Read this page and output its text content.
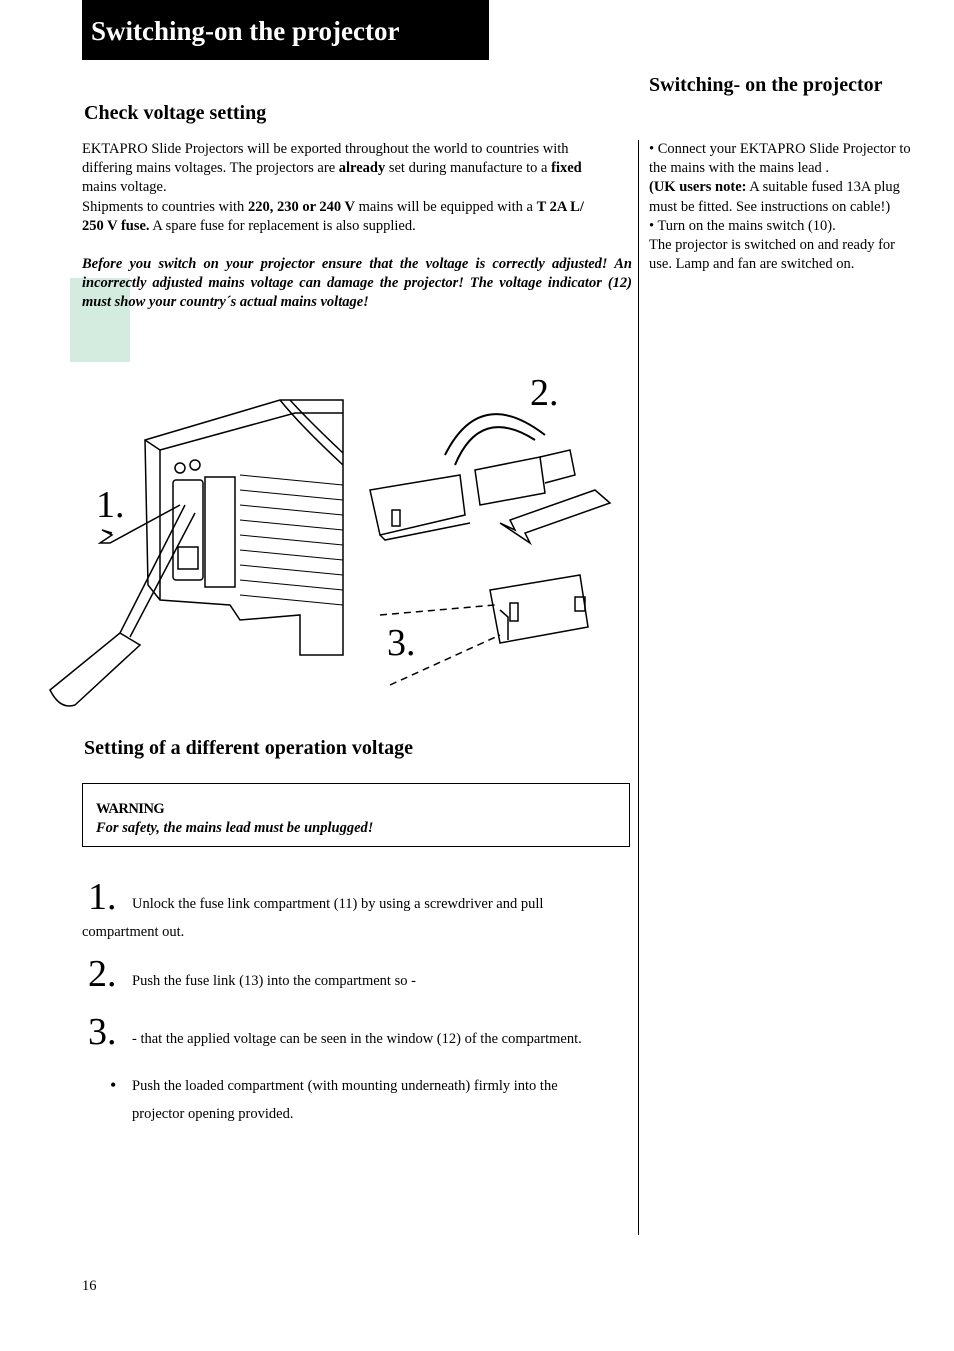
Switching-on the projector
Check voltage setting
EKTAPRO Slide Projectors will be exported throughout the world to countries with
differing mains voltages. The projectors are already set during manufacture to a fixed
mains voltage.
Shipments to countries with 220, 230 or 240 V mains will be equipped with a T 2A L/
250 V fuse. A spare fuse for replacement is also supplied.
Before you switch on your projector ensure that the voltage is correctly adjusted! An incorrectly adjusted mains voltage can damage the projector! The voltage indicator (12) must show your country´s actual mains voltage!
1.
2.
3.
Setting of a different operation voltage
WARNING
For safety, the mains lead must be unplugged!
1. Unlock the fuse link compartment (11) by using a screwdriver and pull
compartment out.
2. Push the fuse link (13) into the compartment so -
3. - that the applied voltage can be seen in the window (12) of the compartment.
• Push the loaded compartment (with mounting underneath) firmly into the
projector opening provided.
Switching- on the projector
• Connect your EKTAPRO Slide Projector to the mains with the mains lead .
(UK users note: A suitable fused 13A plug must be fitted. See instructions on cable!)
• Turn on the mains switch (10).
The projector is switched on and ready for use. Lamp and fan are switched on.
16
